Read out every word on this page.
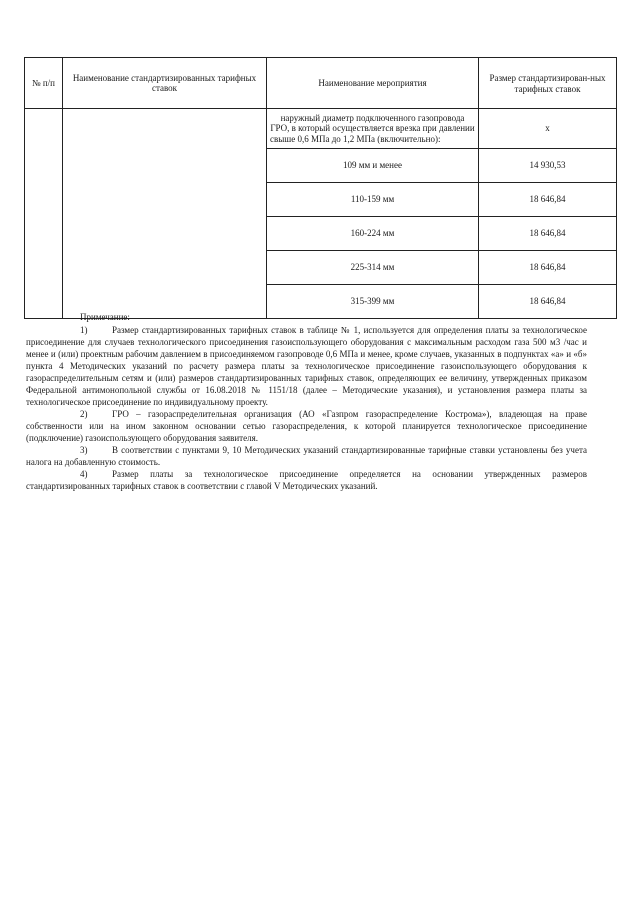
№ п/п	Наименование стандартизированных тарифных ставок	Наименование мероприятия	Размер стандартизирован-ных тарифных ставок
		наружный диаметр подключенного газопровода ГРО, в который осуществляется врезка при давлении свыше 0,6 МПа до 1,2 МПа (включительно):	х
		109 мм и менее	14 930,53
		110-159 мм	18 646,84
		160-224 мм	18 646,84
		225-314 мм	18 646,84
		315-399 мм	18 646,84
Примечание:

1)	Размер стандартизированных тарифных ставок в таблице № 1, используется для определения платы за технологическое присоединение для случаев технологического присоединения газоиспользующего оборудования с максимальным расходом газа 500 м3 /час и менее и (или) проектным рабочим давлением в присоединяемом газопроводе 0,6 МПа и менее, кроме случаев, указанных в подпунктах «а» и «б» пункта 4 Методических указаний по расчету размера платы за технологическое присоединение газоиспользующего оборудования к газораспределительным сетям и (или) размеров стандартизированных тарифных ставок, определяющих ее величину, утвержденных приказом Федеральной антимонопольной службы от 16.08.2018 № 1151/18 (далее – Методические указания), и установления размера платы за технологическое присоединение по индивидуальному проекту.

2)	ГРО – газораспределительная организация (АО «Газпром газораспределение Кострома»), владеющая на праве собственности или на ином законном основании сетью газораспределения, к которой планируется технологическое присоединение (подключение) газоиспользующего оборудования заявителя.

3)	В соответствии с пунктами 9, 10 Методических указаний стандартизированные тарифные ставки установлены без учета налога на добавленную стоимость.

4)	Размер платы за технологическое присоединение определяется на основании утвержденных размеров стандартизированных тарифных ставок в соответствии с главой V Методических указаний.
